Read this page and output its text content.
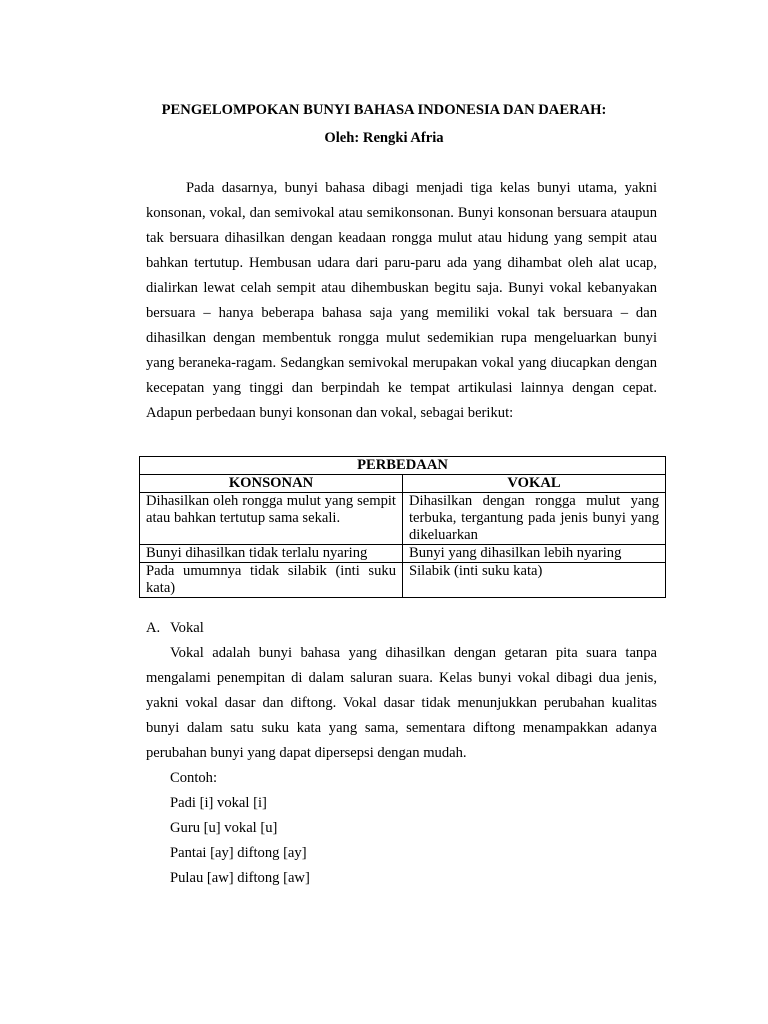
PENGELOMPOKAN BUNYI BAHASA INDONESIA DAN DAERAH:
Oleh: Rengki Afria

Pada dasarnya, bunyi bahasa dibagi menjadi tiga kelas bunyi utama, yakni konsonan, vokal, dan semivokal atau semikonsonan. Bunyi konsonan bersuara ataupun tak bersuara dihasilkan dengan keadaan rongga mulut atau hidung yang sempit atau bahkan tertutup. Hembusan udara dari paru-paru ada yang dihambat oleh alat ucap, dialirkan lewat celah sempit atau dihembuskan begitu saja. Bunyi vokal kebanyakan bersuara – hanya beberapa bahasa saja yang memiliki vokal tak bersuara – dan dihasilkan dengan membentuk rongga mulut sedemikian rupa mengeluarkan bunyi yang beraneka-ragam. Sedangkan semivokal merupakan vokal yang diucapkan dengan kecepatan yang tinggi dan berpindah ke tempat artikulasi lainnya dengan cepat. Adapun perbedaan bunyi konsonan dan vokal, sebagai berikut:

PERBEDAAN	
KONSONAN	VOKAL
Dihasilkan oleh rongga mulut yang sempit atau bahkan tertutup sama sekali.	Dihasilkan dengan rongga mulut yang terbuka, tergantung pada jenis bunyi yang dikeluarkan
Bunyi dihasilkan tidak terlalu nyaring	Bunyi yang dihasilkan lebih nyaring
Pada umumnya tidak silabik (inti suku kata)	Silabik (inti suku kata)
A. Vokal

Vokal adalah bunyi bahasa yang dihasilkan dengan getaran pita suara tanpa mengalami penempitan di dalam saluran suara. Kelas bunyi vokal dibagi dua jenis, yakni vokal dasar dan diftong. Vokal dasar tidak menunjukkan perubahan kualitas bunyi dalam satu suku kata yang sama, sementara diftong menampakkan adanya perubahan bunyi yang dapat dipersepsi dengan mudah.

Contoh:
Padi [i] vokal [i]
Guru [u] vokal [u]
Pantai [ay] diftong [ay]
Pulau [aw] diftong [aw]
